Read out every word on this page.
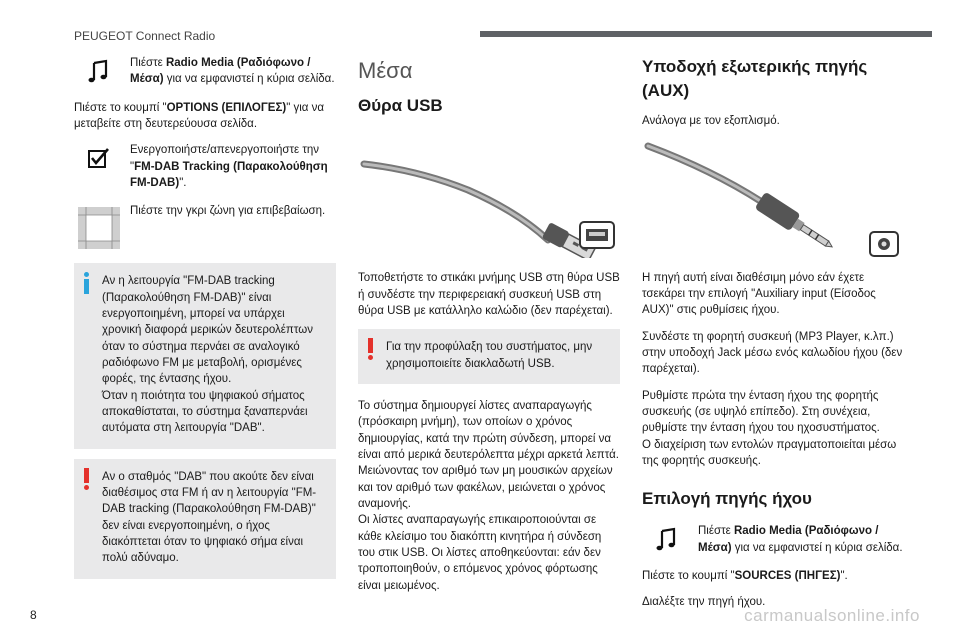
PEUGEOT Connect Radio
Πιέστε Radio Media (Ραδιόφωνο / Μέσα) για να εμφανιστεί η κύρια σελίδα.

Πιέστε το κουμπί "OPTIONS (ΕΠΙΛΟΓΕΣ)" για να μεταβείτε στη δευτερεύουσα σελίδα.

Ενεργοποιήστε/απενεργοποιήστε την "FM-DAB Tracking (Παρακολούθηση FM-DAB)".
Πιέστε την γκρι ζώνη για επιβεβαίωση.
Αν η λειτουργία "FM-DAB tracking (Παρακολούθηση FM-DAB)" είναι ενεργοποιημένη, μπορεί να υπάρχει χρονική διαφορά μερικών δευτερολέπτων όταν το σύστημα περνάει σε αναλογικό ραδιόφωνο FM με μεταβολή, ορισμένες φορές, της έντασης ήχου.
Όταν η ποιότητα του ψηφιακού σήματος αποκαθίσταται, το σύστημα ξαναπερνάει αυτόματα στη λειτουργία "DAB".
Αν ο σταθμός "DAB" που ακούτε δεν είναι διαθέσιμος στα FM ή αν η λειτουργία "FM-DAB tracking (Παρακολούθηση FM-DAB)" δεν είναι ενεργοποιημένη, ο ήχος διακόπτεται όταν το ψηφιακό σήμα είναι πολύ αδύναμο.
Μέσα
Θύρα USB

Τοποθετήστε το στικάκι μνήμης USB στη θύρα USB ή συνδέστε την περιφερειακή συσκευή USB στη θύρα USB με κατάλληλο καλώδιο (δεν παρέχεται).

Για την προφύλαξη του συστήματος, μην χρησιμοποιείτε διακλαδωτή USB.

Το σύστημα δημιουργεί λίστες αναπαραγωγής (πρόσκαιρη μνήμη), των οποίων ο χρόνος δημιουργίας, κατά την πρώτη σύνδεση, μπορεί να είναι από μερικά δευτερόλεπτα μέχρι αρκετά λεπτά. Μειώνοντας τον αριθμό των μη μουσικών αρχείων και τον αριθμό των φακέλων, μειώνεται ο χρόνος αναμονής.
Οι λίστες αναπαραγωγής επικαιροποιούνται σε κάθε κλείσιμο του διακόπτη κινητήρα ή σύνδεση του στικ USB. Οι λίστες αποθηκεύονται: εάν δεν τροποποιηθούν, ο επόμενος χρόνος φόρτωσης είναι μειωμένος.

Υποδοχή εξωτερικής πηγής (AUX)

Ανάλογα με τον εξοπλισμό.

Η πηγή αυτή είναι διαθέσιμη μόνο εάν έχετε τσεκάρει την επιλογή "Auxiliary input (Είσοδος AUX)" στις ρυθμίσεις ήχου.

Συνδέστε τη φορητή συσκευή (MP3 Player, κ.λπ.) στην υποδοχή Jack μέσω ενός καλωδίου ήχου (δεν παρέχεται).

Ρυθμίστε πρώτα την ένταση ήχου της φορητής συσκευής (σε υψηλό επίπεδο). Στη συνέχεια, ρυθμίστε την ένταση ήχου του ηχοσυστήματος.
Ο διαχείριση των εντολών πραγματοποιείται μέσω της φορητής συσκευής.

Επιλογή πηγής ήχου
Πιέστε Radio Media (Ραδιόφωνο / Μέσα) για να εμφανιστεί η κύρια σελίδα.

Πιέστε το κουμπί "SOURCES (ΠΗΓΕΣ)".

Διαλέξτε την πηγή ήχου.

8	carmanualsonline.info
